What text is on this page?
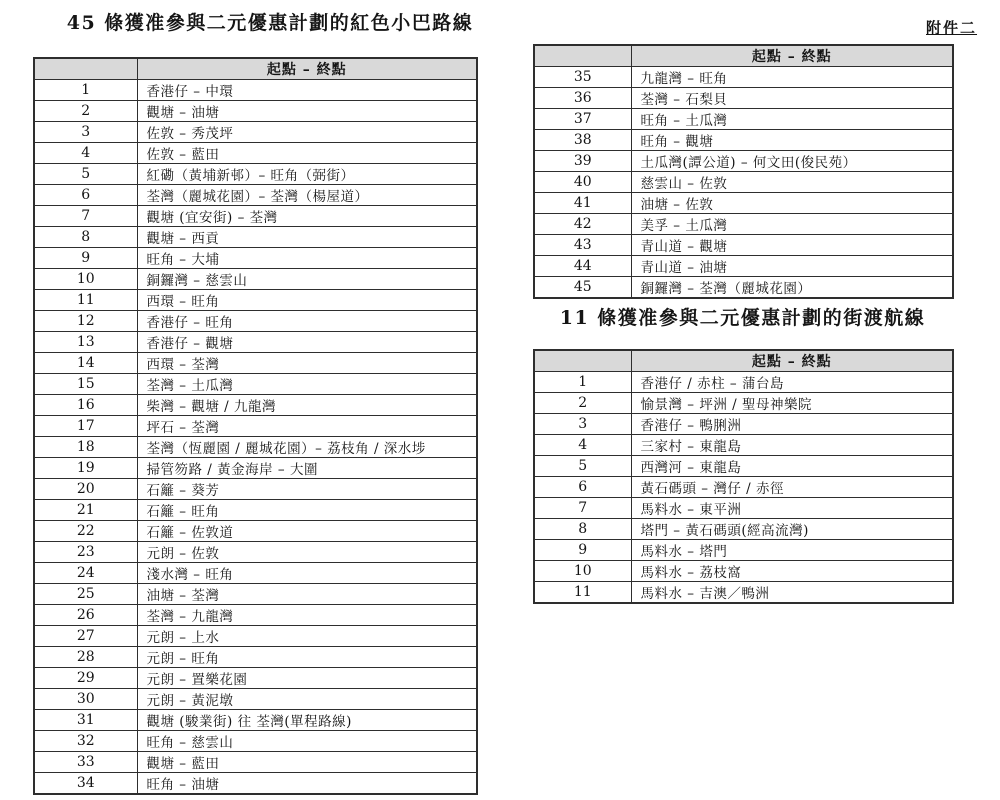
附件二
45 條獲准參與二元優惠計劃的紅色小巴路線
	起點 – 終點
1	香港仔 – 中環
2	觀塘 – 油塘
3	佐敦 – 秀茂坪
4	佐敦 – 藍田
5	紅磡（黃埔新邨）– 旺角（弼街）
6	荃灣（麗城花園）– 荃灣（楊屋道）
7	觀塘 (宜安街) – 荃灣
8	觀塘 – 西貢
9	旺角 – 大埔
10	銅鑼灣 – 慈雲山
11	西環 – 旺角
12	香港仔 – 旺角
13	香港仔 – 觀塘
14	西環 – 荃灣
15	荃灣 – 土瓜灣
16	柴灣 – 觀塘 / 九龍灣
17	坪石 – 荃灣
18	荃灣（恆麗園 / 麗城花園）– 荔枝角 / 深水埗
19	掃管笏路 / 黃金海岸 – 大圍
20	石籬 – 葵芳
21	石籬 – 旺角
22	石籬 – 佐敦道
23	元朗 – 佐敦
24	淺水灣 – 旺角
25	油塘 – 荃灣
26	荃灣 – 九龍灣
27	元朗 – 上水
28	元朗 – 旺角
29	元朗 – 置樂花園
30	元朗 – 黃泥墩
31	觀塘 (駿業街) 往 荃灣(單程路線)
32	旺角 – 慈雲山
33	觀塘 – 藍田
34	旺角 – 油塘
	起點 – 終點
35	九龍灣 – 旺角
36	荃灣 – 石梨貝
37	旺角 – 土瓜灣
38	旺角 – 觀塘
39	土瓜灣(譚公道) – 何文田(俊民苑）
40	慈雲山 – 佐敦
41	油塘 – 佐敦
42	美孚 – 土瓜灣
43	青山道 – 觀塘
44	青山道 – 油塘
45	銅鑼灣 – 荃灣（麗城花園）
11 條獲准參與二元優惠計劃的街渡航線
	起點 – 終點
1	香港仔 / 赤柱 – 蒲台島
2	愉景灣 – 坪洲 / 聖母神樂院
3	香港仔 – 鴨脷洲
4	三家村 – 東龍島
5	西灣河 – 東龍島
6	黃石碼頭 – 灣仔 / 赤徑
7	馬料水 – 東平洲
8	塔門 – 黃石碼頭(經高流灣)
9	馬料水 – 塔門
10	馬料水 – 荔枝窩
11	馬料水 – 吉澳／鴨洲
